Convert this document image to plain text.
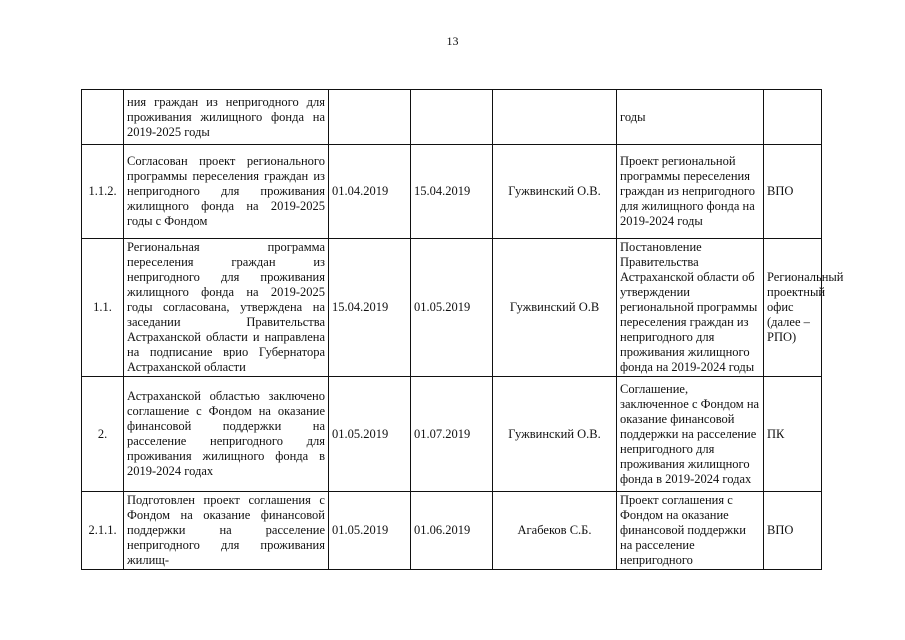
13
	ния граждан из непригодного для проживания жилищного фонда на 2019-2025 годы				годы	
1.1.2.	Согласован проект регионального программы переселения граждан из непригодного для проживания жилищного фонда на 2019-2025 годы с Фондом	01.04.2019	15.04.2019	Гужвинский О.В.	Проект региональной программы переселения граждан из непригодного для жилищного фонда на 2019-2024 годы	ВПО
1.1.	Региональная программа переселения граждан из непригодного для проживания жилищного фонда на 2019-2025 годы согласована, утверждена на заседании Правительства Астраханской области и направлена на подписание врио Губернатора Астраханской области	15.04.2019	01.05.2019	Гужвинский О.В	Постановление Правительства Астраханской области об утверждении региональной программы переселения граждан из непригодного для проживания жилищного фонда на 2019-2024 годы	Региональный проектный офис (далее – РПО)
2.	Астраханской областью заключено соглашение с Фондом на оказание финансовой поддержки на расселение непригодного для проживания жилищного фонда в 2019-2024 годах	01.05.2019	01.07.2019	Гужвинский О.В.	Соглашение, заключенное с Фондом на оказание финансовой поддержки на расселение непригодного для проживания жилищного фонда в 2019-2024 годах	ПК
2.1.1.	Подготовлен проект соглашения с Фондом на оказание финансовой поддержки на расселение непригодного для проживания жилищ-	01.05.2019	01.06.2019	Агабеков С.Б.	Проект соглашения с Фондом на оказание финансовой поддержки на расселение непригодного	ВПО
